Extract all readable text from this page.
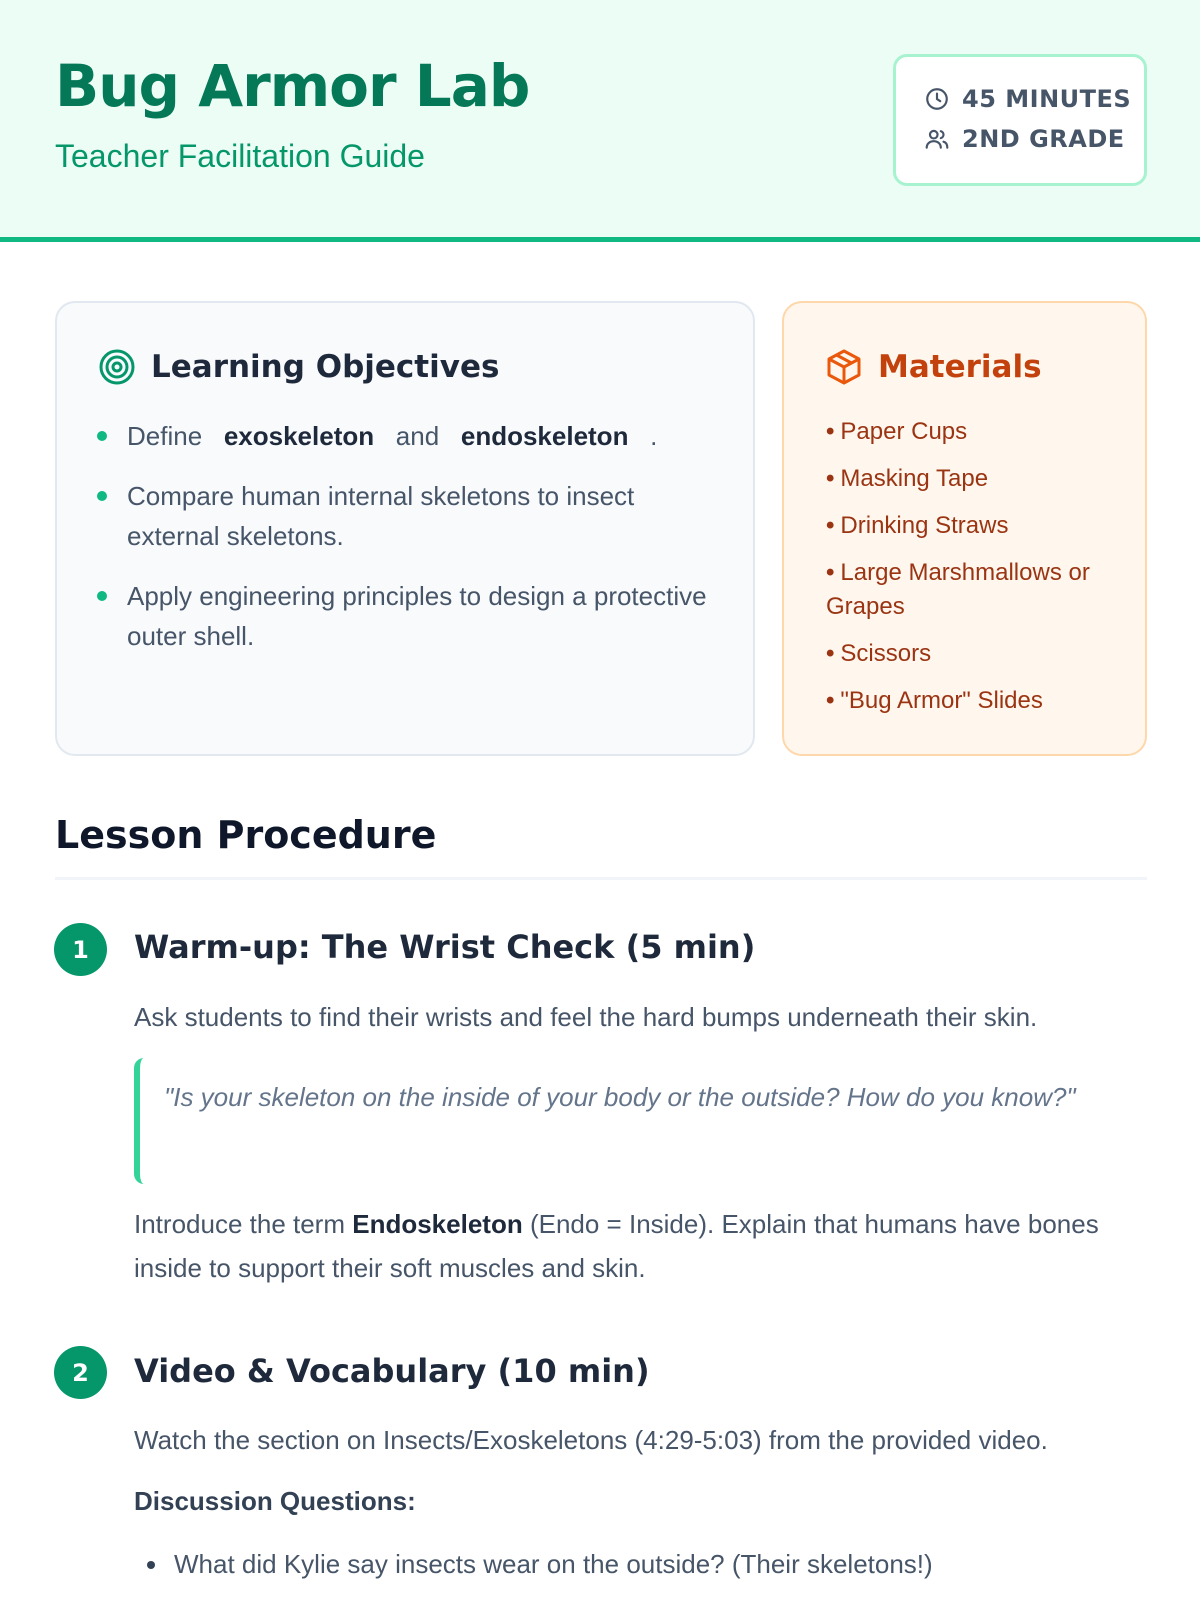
Bug Armor Lab
Teacher Facilitation Guide
45 MINUTES
2ND GRADE
Learning Objectives
Define exoskeleton and endoskeleton .
Compare human internal skeletons to insect external skeletons.
Apply engineering principles to design a protective outer shell.
Materials
• Paper Cups
• Masking Tape
• Drinking Straws
• Large Marshmallows or Grapes
• Scissors
• "Bug Armor" Slides
Lesson Procedure
1	Warm-up: The Wrist Check (5 min)
Ask students to find their wrists and feel the hard bumps underneath their skin.
"Is your skeleton on the inside of your body or the outside? How do you know?"
Introduce the term Endoskeleton (Endo = Inside). Explain that humans have bones inside to support their soft muscles and skin.
2	Video & Vocabulary (10 min)
Watch the section on Insects/Exoskeletons (4:29-5:03) from the provided video.
Discussion Questions:
What did Kylie say insects wear on the outside? (Their skeletons!)
